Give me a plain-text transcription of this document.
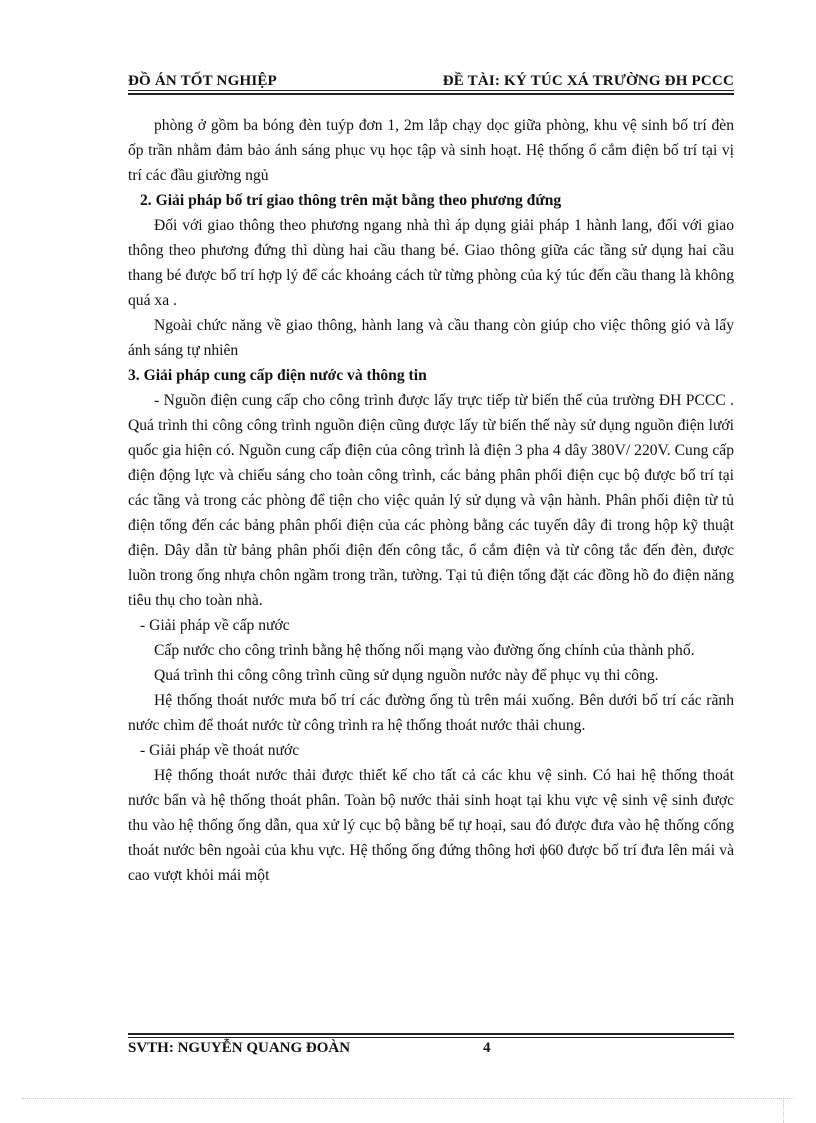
ĐỒ ÁN TỐT NGHIỆP	ĐỀ TÀI: KÝ TÚC XÁ TRƯỜNG ĐH PCCC

phòng ở gồm ba bóng đèn tuýp đơn 1, 2m lắp chạy dọc giữa phòng, khu vệ sinh bố trí đèn ốp trần nhằm đảm bảo ánh sáng phục vụ học tập và sinh hoạt. Hệ thống ổ cắm điện bố trí tại vị trí các đầu giường ngủ

2. Giải pháp bố trí giao thông trên mặt bằng theo phương đứng

Đối với giao thông theo phương ngang nhà thì áp dụng giải pháp 1 hành lang, đối với giao thông theo phương đứng thì dùng hai cầu thang bé. Giao thông giữa các tầng sử dụng hai cầu thang bé được bố trí hợp lý để các khoảng cách từ từng phòng của ký túc đến cầu thang là không quá xa .

Ngoài chức năng về giao thông, hành lang và cầu thang còn giúp cho việc thông gió và lấy ánh sáng tự nhiên

3. Giải pháp cung cấp điện nước và thông tin

- Nguồn điện cung cấp cho công trình được lấy trực tiếp từ biến thế của trường ĐH PCCC . Quá trình thi công công trình nguồn điện cũng được lấy từ biến thế này sử dụng nguồn điện lưới quốc gia hiện có. Nguồn cung cấp điện của công trình là điện 3 pha 4 dây 380V/ 220V. Cung cấp điện động lực và chiếu sáng cho toàn công trình, các bảng phân phối điện cục bộ được bố trí tại các tầng và trong các phòng để tiện cho việc quản lý sử dụng và vận hành. Phân phối điện từ tủ điện tổng đến các bảng phân phối điện của các phòng bằng các tuyến dây đi trong hộp kỹ thuật điện. Dây dẫn từ bảng phân phối điện đến công tắc, ổ cắm điện và từ công tắc đến đèn, được luồn trong ống nhựa chôn ngầm trong trần, tường. Tại tủ điện tổng đặt các đồng hồ đo điện năng tiêu thụ cho toàn nhà.

- Giải pháp về cấp nước

Cấp nước cho công trình bằng hệ thống nối mạng vào đường ống chính của thành phố.

Quá trình thi công công trình cũng sử dụng nguồn nước này để phục vụ thi công.

Hệ thống thoát nước mưa bố trí các đường ống tù trên mái xuống. Bên dưới bố trí các rãnh nước chìm để thoát nước từ công trình ra hệ thống thoát nước thải chung.

- Giải pháp về thoát nước

Hệ thống thoát nước thải được thiết kế cho tất cả các khu vệ sinh. Có hai hệ thống thoát nước bẩn và hệ thống thoát phân. Toàn bộ nước thải sinh hoạt tại khu vực vệ sinh vệ sinh được thu vào hệ thống ống dẫn, qua xử lý cục bộ bằng bể tự hoại, sau đó được đưa vào hệ thống cống thoát nước bên ngoài của khu vực. Hệ thống ống đứng thông hơi ϕ60 được bố trí đưa lên mái và cao vượt khỏi mái một

SVTH: NGUYỄN QUANG ĐOÀN	4
